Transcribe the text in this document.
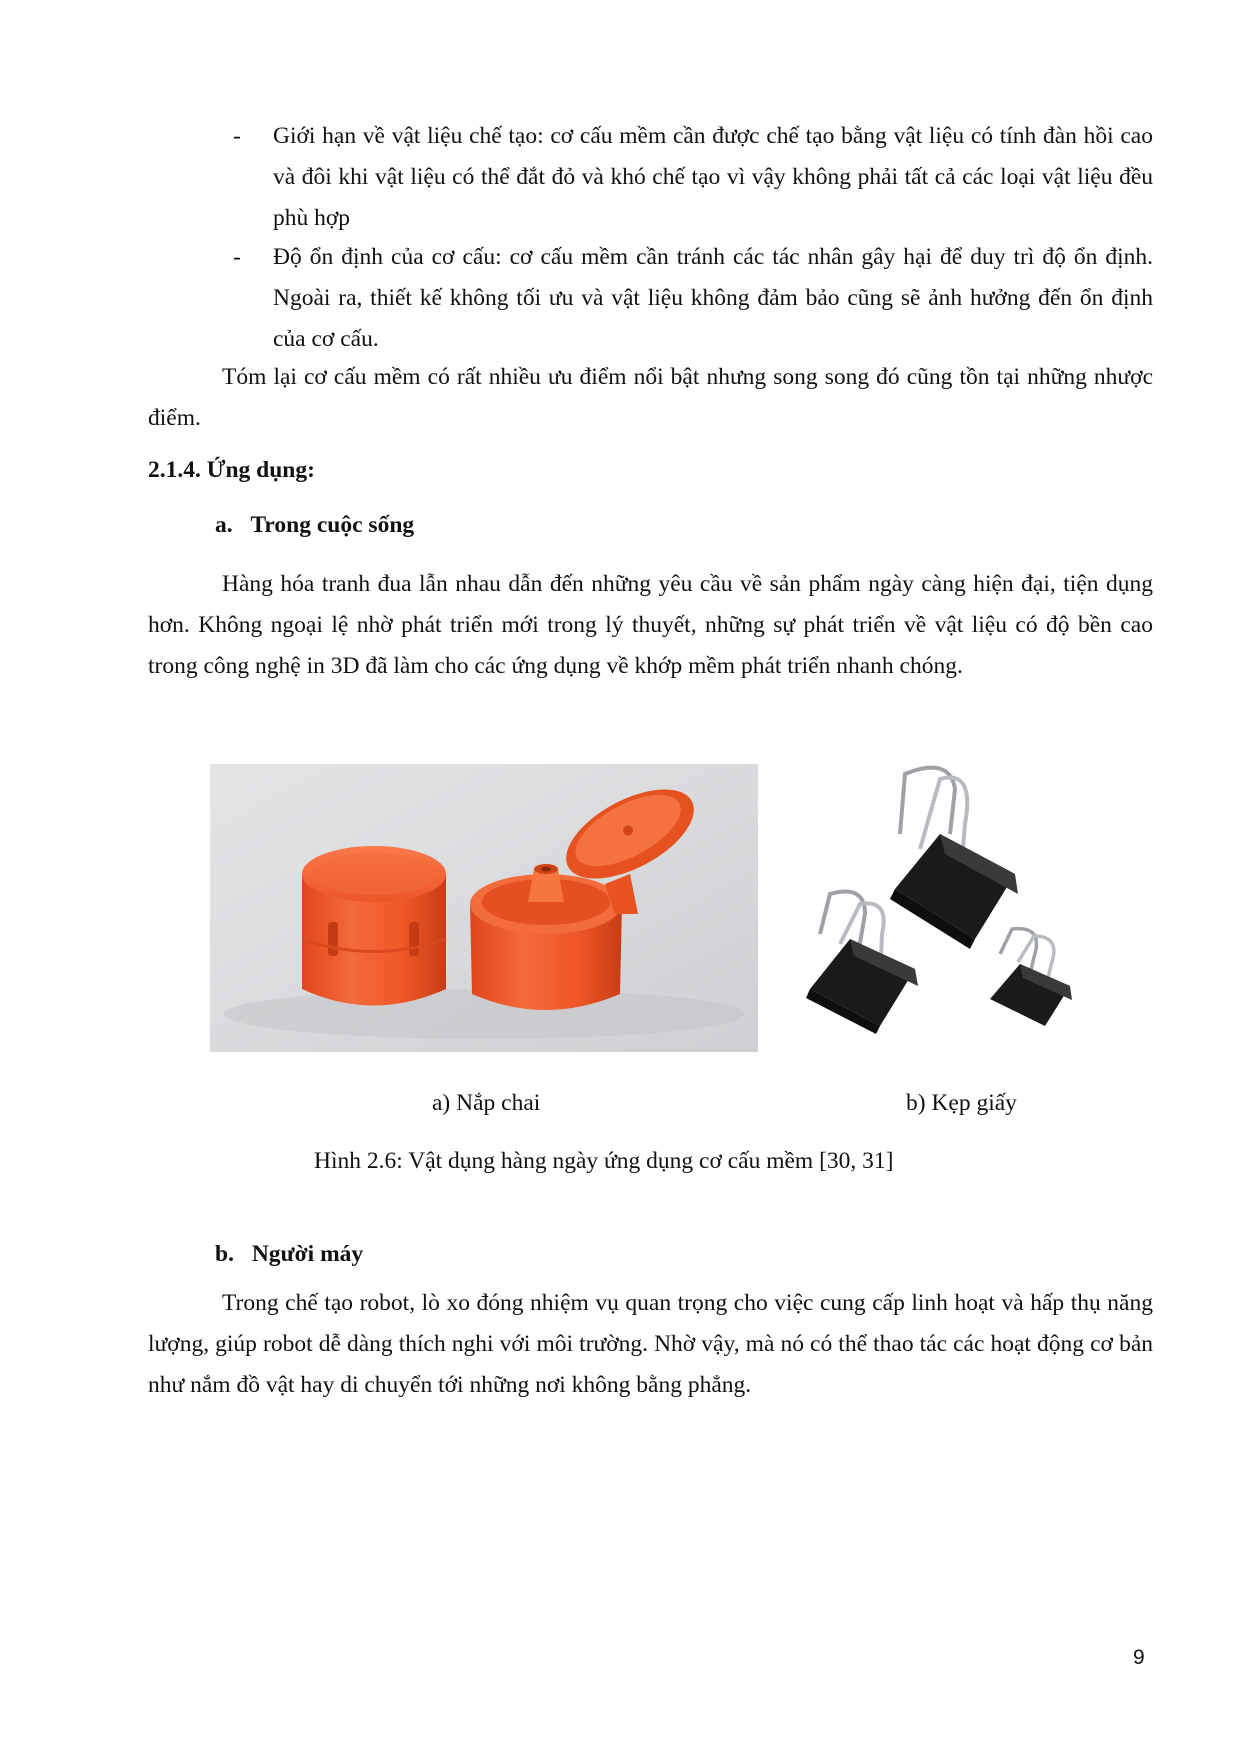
- Giới hạn về vật liệu chế tạo: cơ cấu mềm cần được chế tạo bằng vật liệu có tính đàn hồi cao và đôi khi vật liệu có thể đắt đỏ và khó chế tạo vì vậy không phải tất cả các loại vật liệu đều phù hợp
- Độ ổn định của cơ cấu: cơ cấu mềm cần tránh các tác nhân gây hại để duy trì độ ổn định. Ngoài ra, thiết kế không tối ưu và vật liệu không đảm bảo cũng sẽ ảnh hưởng đến ổn định của cơ cấu.
Tóm lại cơ cấu mềm có rất nhiều ưu điểm nổi bật nhưng song song đó cũng tồn tại những nhược điểm.
2.1.4. Ứng dụng:
a. Trong cuộc sống
Hàng hóa tranh đua lẫn nhau dẫn đến những yêu cầu về sản phẩm ngày càng hiện đại, tiện dụng hơn. Không ngoại lệ nhờ phát triển mới trong lý thuyết, những sự phát triển về vật liệu có độ bền cao trong công nghệ in 3D đã làm cho các ứng dụng về khớp mềm phát triển nhanh chóng.
a) Nắp chai	b) Kẹp giấy
Hình 2.6: Vật dụng hàng ngày ứng dụng cơ cấu mềm [30, 31]
b. Người máy
Trong chế tạo robot, lò xo đóng nhiệm vụ quan trọng cho việc cung cấp linh hoạt và hấp thụ năng lượng, giúp robot dễ dàng thích nghi với môi trường. Nhờ vậy, mà nó có thể thao tác các hoạt động cơ bản như nắm đồ vật hay di chuyển tới những nơi không bằng phẳng.
9
